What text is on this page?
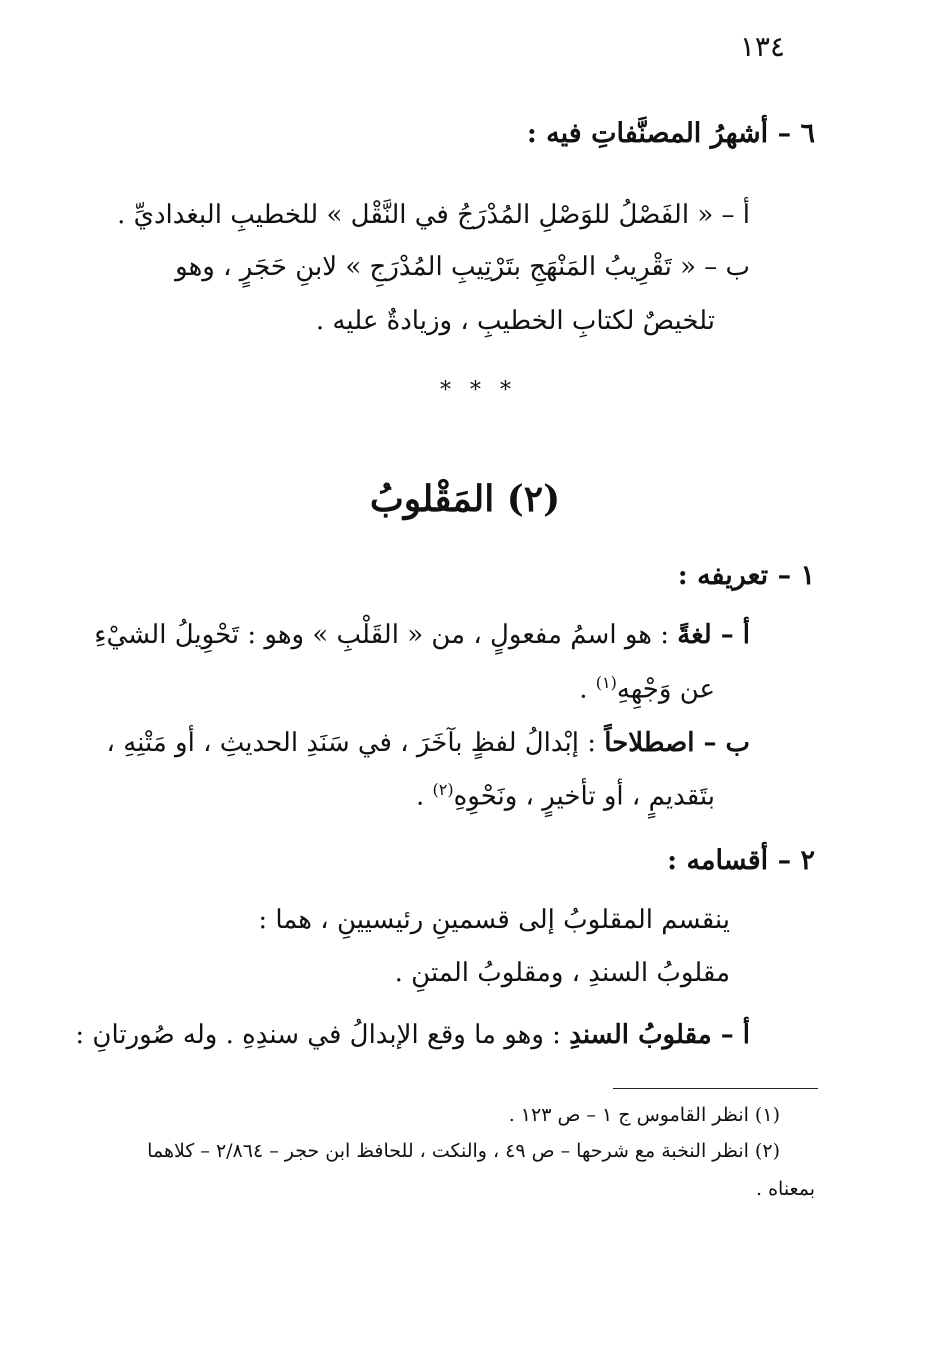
١٣٤
٦ – أشهرُ المصنَّفاتِ فيه :
أ – « الفَصْلُ للوَصْلِ المُدْرَجُ في النَّقْل » للخطيبِ البغداديِّ .
ب – « تَقْرِيبُ المَنْهَجِ بتَرْتِيبِ المُدْرَجِ » لابنِ حَجَرٍ ، وهو
تلخيصٌ لكتابِ الخطيبِ ، وزيادةٌ عليه .
* * *
(٢) المَقْلوبُ
١ – تعريفه :
أ – لغةً : هو اسمُ مفعولٍ ، من « القَلْبِ » وهو : تَحْوِيلُ الشيْءِ
عن وَجْهِهِ$^{(١)}$ .
ب – اصطلاحاً : إبْدالُ لفظٍ بآخَرَ ، في سَنَدِ الحديثِ ، أو مَتْنِهِ ،
بتَقديمٍ ، أو تأخيرٍ ، ونَحْوِهِ$^{(٢)}$ .
٢ – أقسامه :
ينقسم المقلوبُ إلى قسمينِ رئيسيينِ ، هما :
مقلوبُ السندِ ، ومقلوبُ المتنِ .
أ – مقلوبُ السندِ : وهو ما وقع الإبدالُ في سندِهِ . وله صُورتانِ :
(١) انظر القاموس ج ١ – ص ١٢٣ .
(٢) انظر النخبة مع شرحها – ص ٤٩ ، والنكت ، للحافظ ابن حجر – ٢/٨٦٤ – كلاهما
بمعناه .
